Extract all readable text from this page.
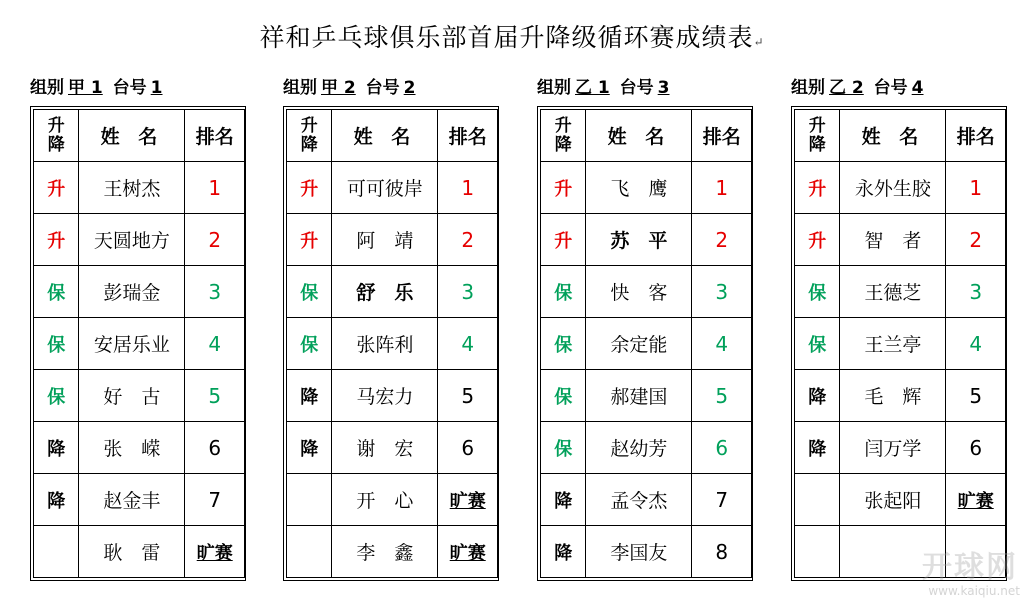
祥和乒乓球俱乐部首届升降级循环赛成绩表↵
组别 甲 1 台号 1
升降	姓 名	排名
升	王树杰	1
升	天圆地方	2
保	彭瑞金	3
保	安居乐业	4
保	好　古	5
降	张　嵘	6
降	赵金丰	7
	耿　雷	旷赛
组别 甲 2 台号 2
升降	姓 名	排名
升	可可彼岸	1
升	阿　靖	2
保	舒　乐	3
保	张阵利	4
降	马宏力	5
降	谢　宏	6
	开　心	旷赛
	李　鑫	旷赛
组别 乙 1 台号 3
升降	姓 名	排名
升	飞　鹰	1
升	苏　平	2
保	快　客	3
保	余定能	4
保	郝建国	5
保	赵幼芳	6
降	孟令杰	7
降	李国友	8
组别 乙 2 台号 4
升降	姓 名	排名
升	永外生胶	1
升	智　者	2
保	王德芝	3
保	王兰亭	4
降	毛　辉	5
降	闫万学	6
	张起阳	旷赛

开球网
www.kaiqiu.net
